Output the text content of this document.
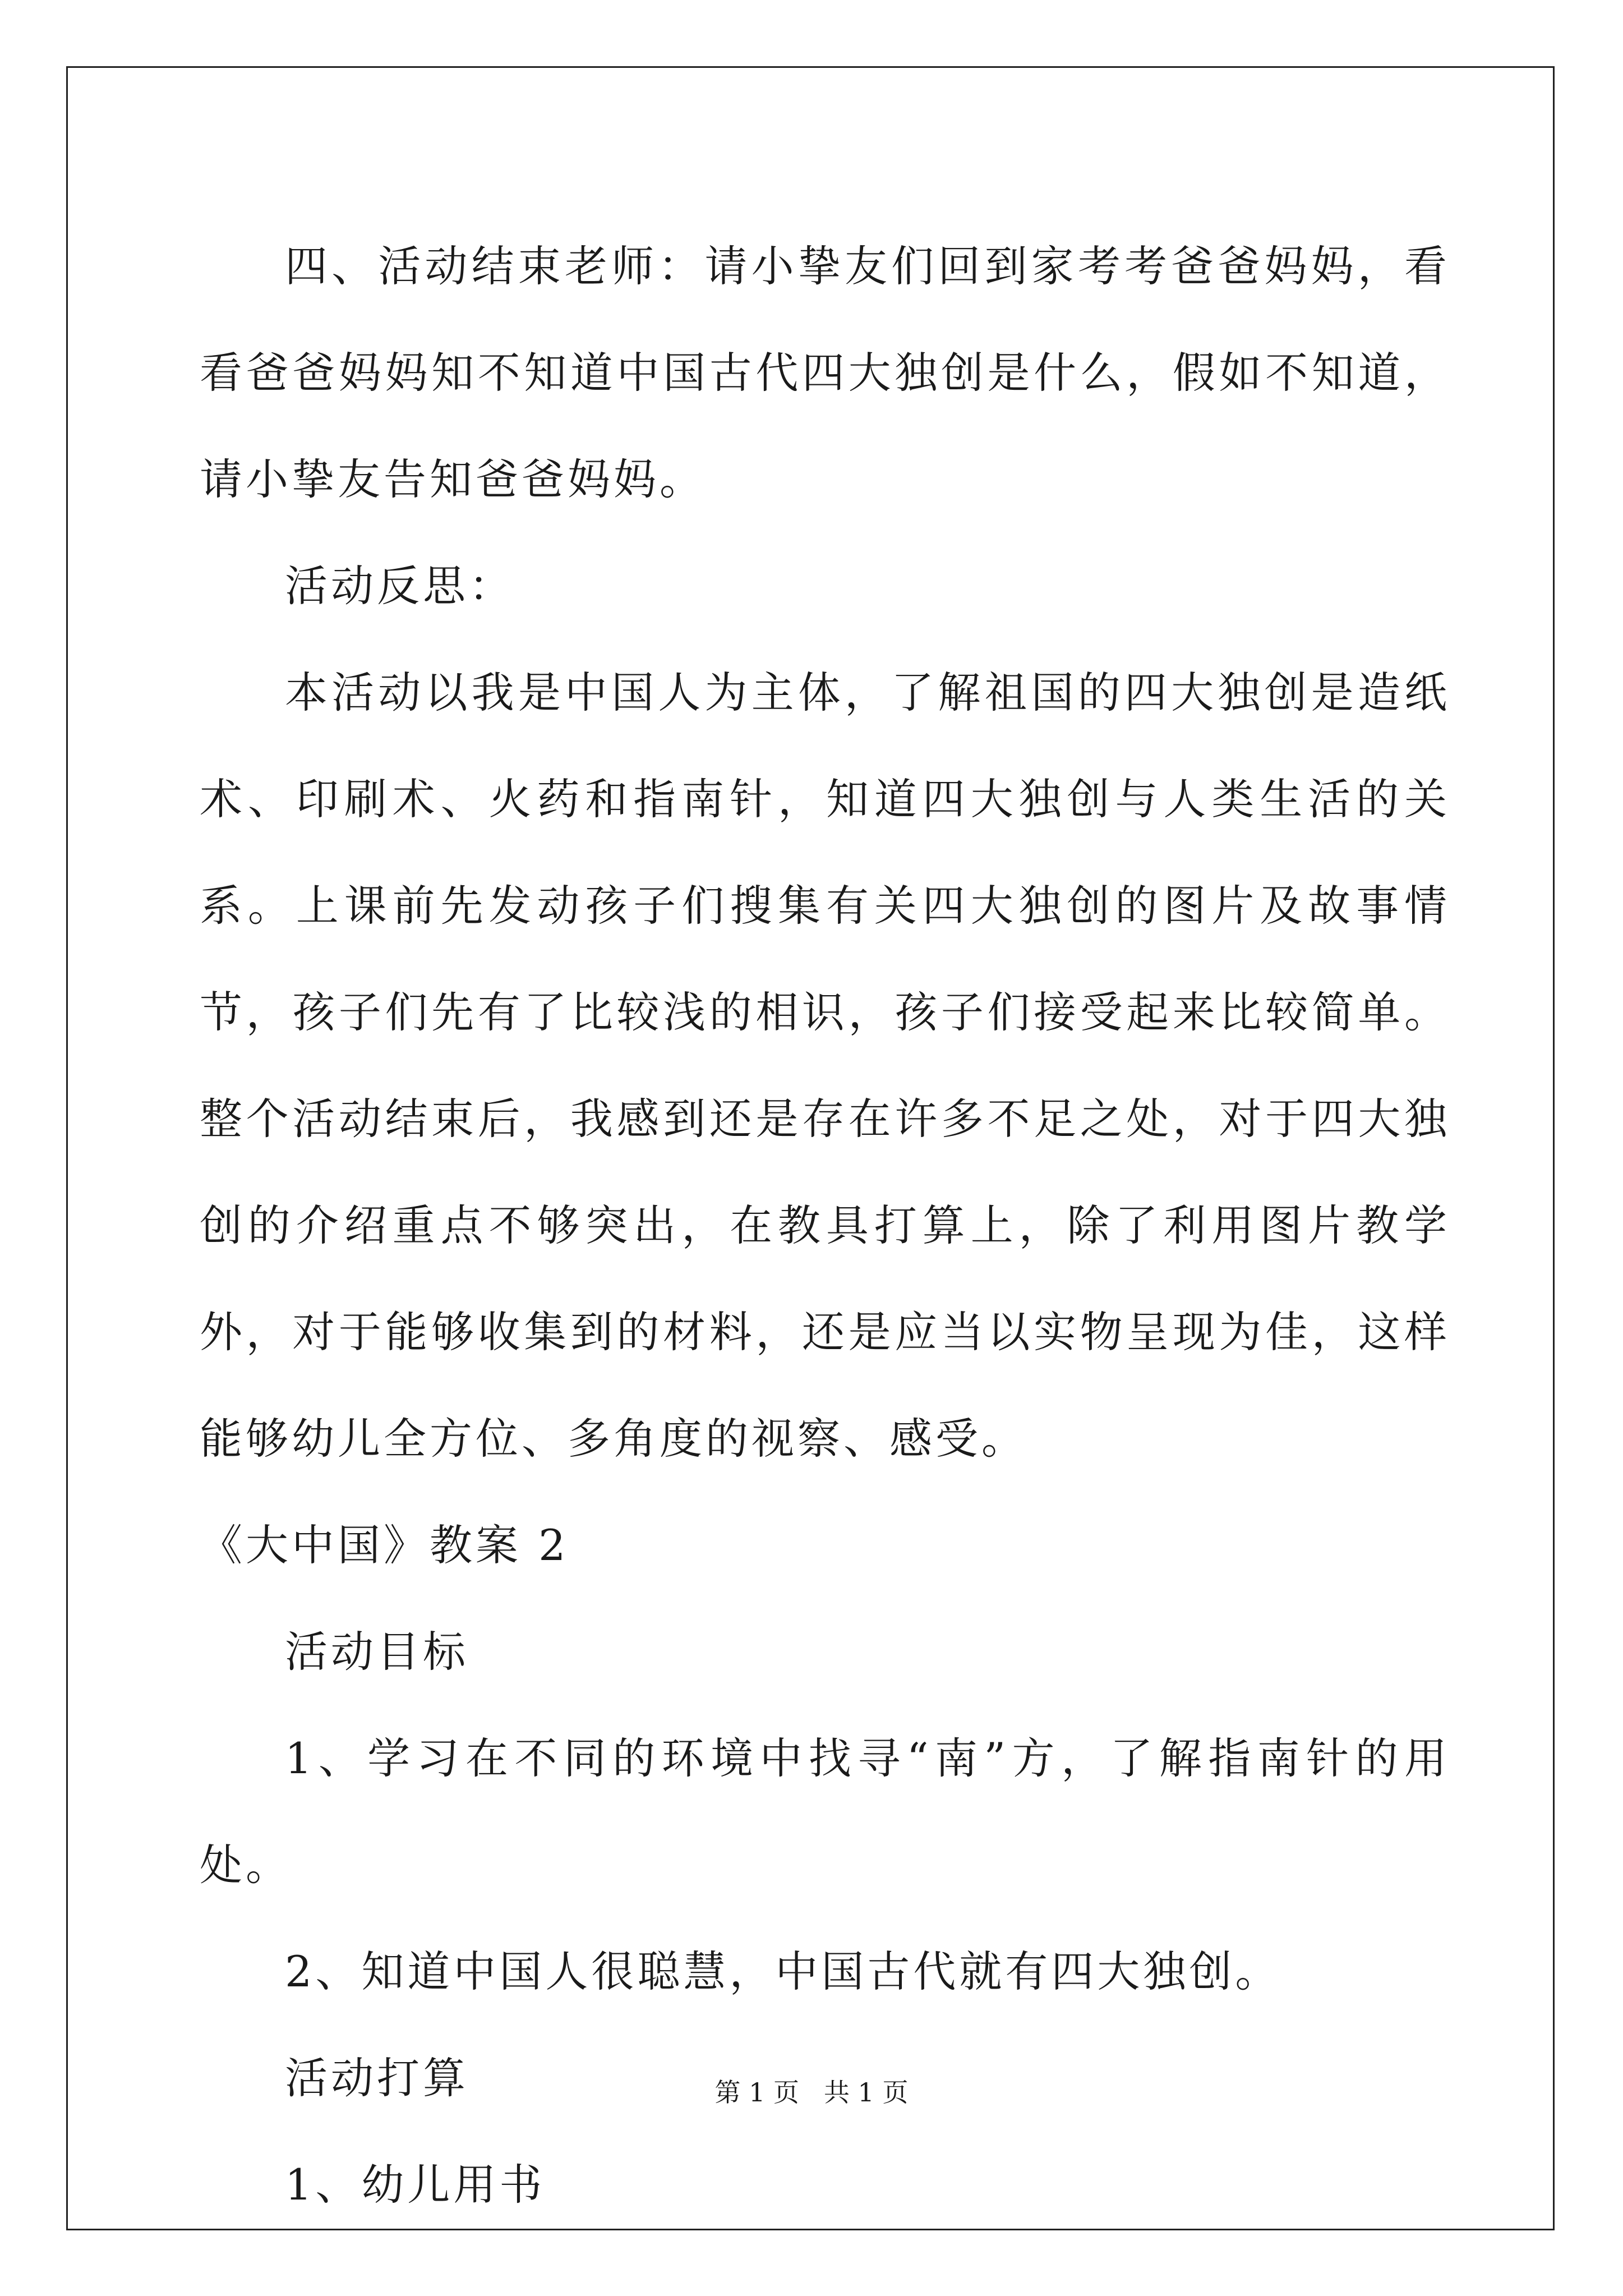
四、活动结束老师：请小挚友们回到家考考爸爸妈妈，看看爸爸妈妈知不知道中国古代四大独创是什么，假如不知道，请小挚友告知爸爸妈妈。

活动反思：

本活动以我是中国人为主体，了解祖国的四大独创是造纸术、印刷术、火药和指南针，知道四大独创与人类生活的关系。上课前先发动孩子们搜集有关四大独创的图片及故事情节，孩子们先有了比较浅的相识，孩子们接受起来比较简单。 整个活动结束后，我感到还是存在许多不足之处，对于四大独创的介绍重点不够突出，在教具打算上，除了利用图片教学外，对于能够收集到的材料，还是应当以实物呈现为佳，这样能够幼儿全方位、多角度的视察、感受。

《大中国》教案 2

活动目标

1、学习在不同的环境中找寻“南”方，了解指南针的用处。

2、知道中国人很聪慧，中国古代就有四大独创。

活动打算

1、幼儿用书

第 1 页 共 1 页
